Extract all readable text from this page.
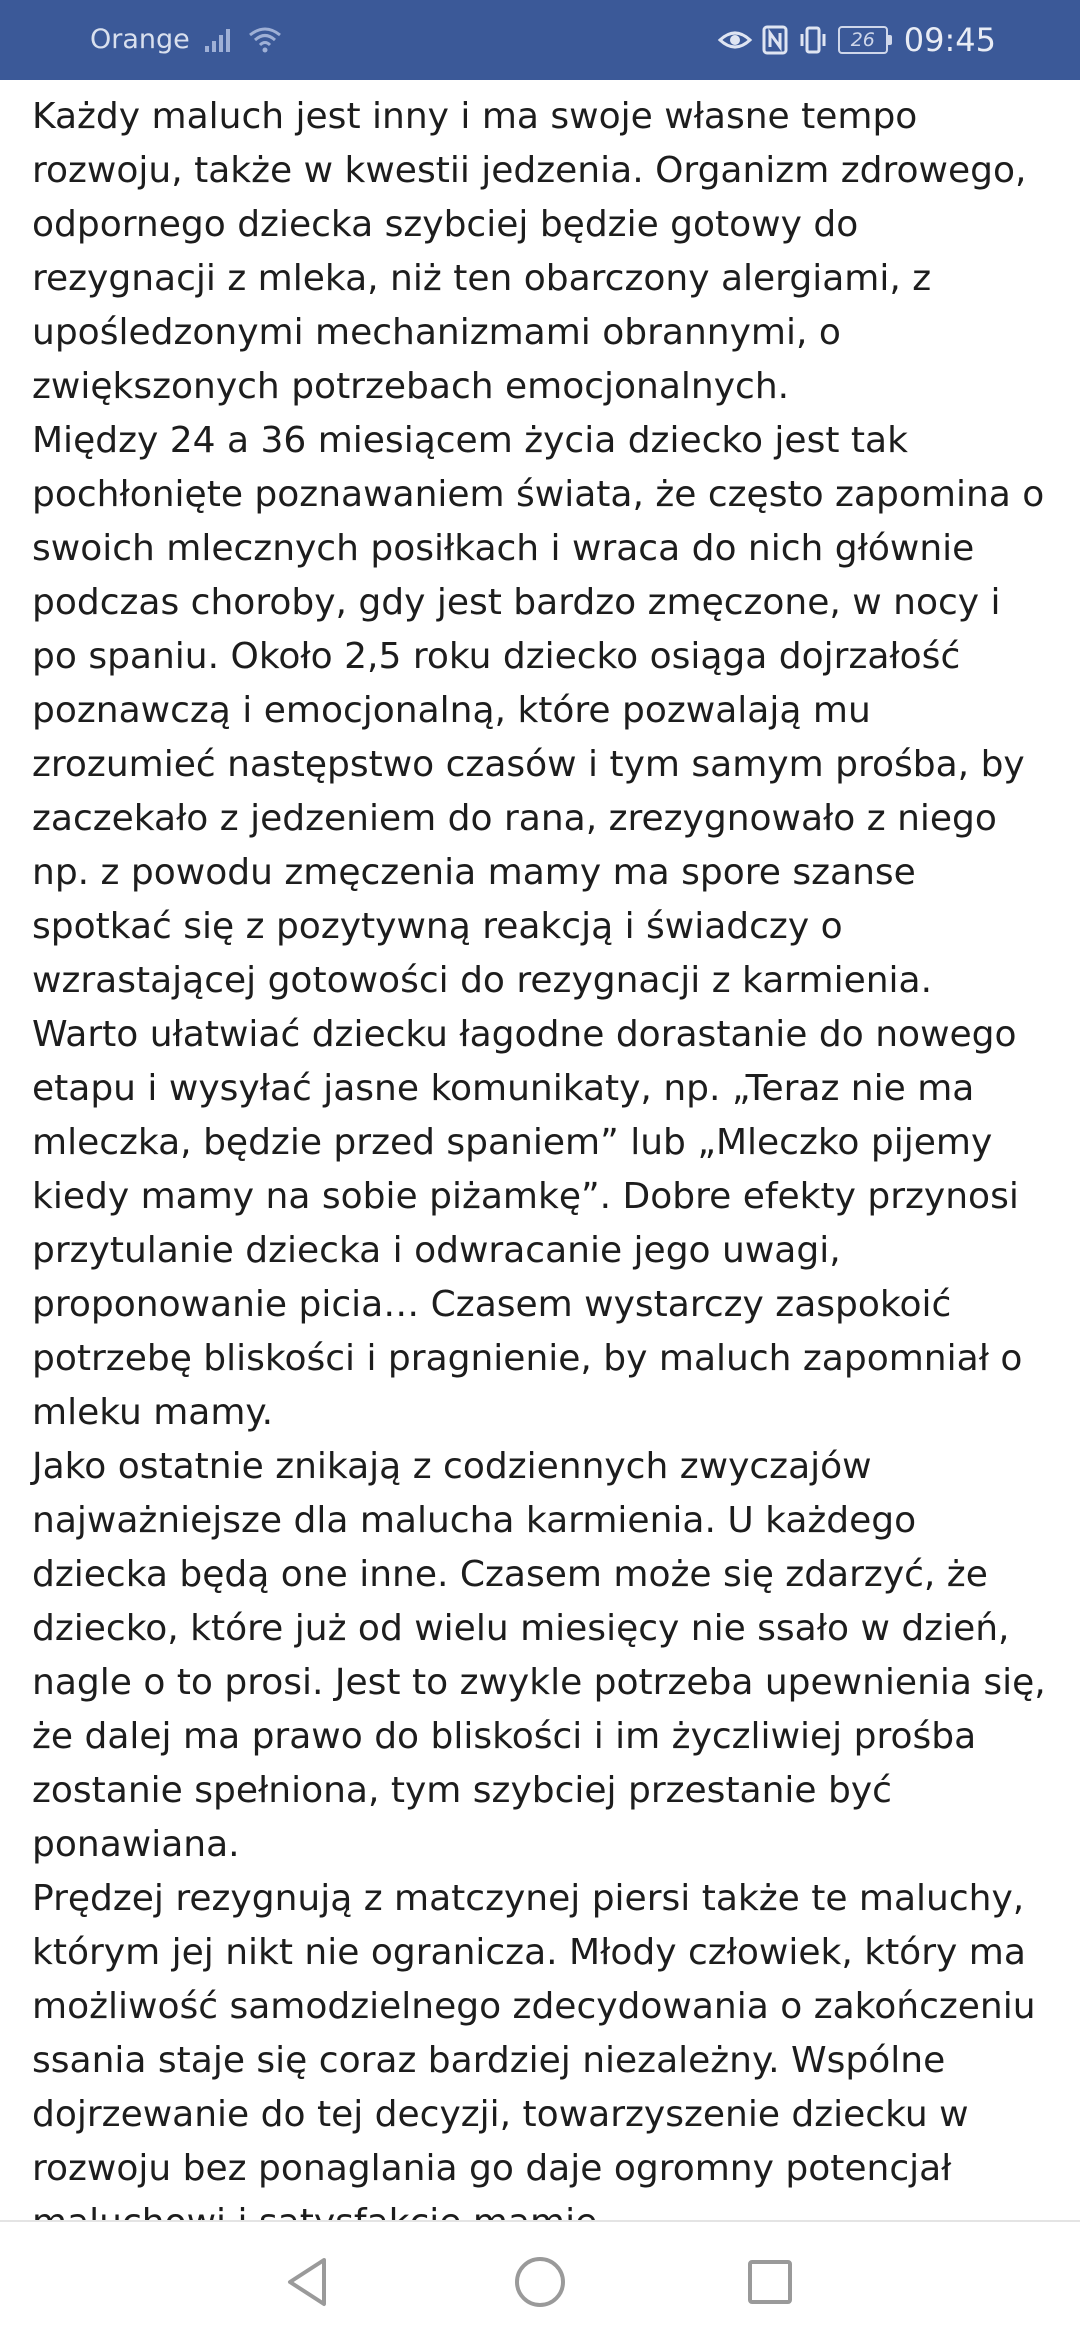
Orange	26 09:45

Każdy maluch jest inny i ma swoje własne tempo rozwoju, także w kwestii jedzenia. Organizm zdrowego, odpornego dziecka szybciej będzie gotowy do rezygnacji z mleka, niż ten obarczony alergiami, z upośledzonymi mechanizmami obrannymi, o zwiększonych potrzebach emocjonalnych.

Między 24 a 36 miesiącem życia dziecko jest tak pochłonięte poznawaniem świata, że często zapomina o swoich mlecznych posiłkach i wraca do nich głównie podczas choroby, gdy jest bardzo zmęczone, w nocy i po spaniu. Około 2,5 roku dziecko osiąga dojrzałość poznawczą i emocjonalną, które pozwalają mu zrozumieć następstwo czasów i tym samym prośba, by zaczekało z jedzeniem do rana, zrezygnowało z niego np. z powodu zmęczenia mamy ma spore szanse spotkać się z pozytywną reakcją i świadczy o wzrastającej gotowości do rezygnacji z karmienia.

Warto ułatwiać dziecku łagodne dorastanie do nowego etapu i wysyłać jasne komunikaty, np. „Teraz nie ma mleczka, będzie przed spaniem” lub „Mleczko pijemy kiedy mamy na sobie piżamkę”. Dobre efekty przynosi przytulanie dziecka i odwracanie jego uwagi, proponowanie picia… Czasem wystarczy zaspokoić potrzebę bliskości i pragnienie, by maluch zapomniał o mleku mamy.

Jako ostatnie znikają z codziennych zwyczajów najważniejsze dla malucha karmienia. U każdego dziecka będą one inne. Czasem może się zdarzyć, że dziecko, które już od wielu miesięcy nie ssało w dzień, nagle o to prosi. Jest to zwykle potrzeba upewnienia się, że dalej ma prawo do bliskości i im życzliwiej prośba zostanie spełniona, tym szybciej przestanie być ponawiana.

Prędzej rezygnują z matczynej piersi także te maluchy, którym jej nikt nie ogranicza. Młody człowiek, który ma możliwość samodzielnego zdecydowania o zakończeniu ssania staje się coraz bardziej niezależny. Wspólne dojrzewanie do tej decyzji, towarzyszenie dziecku w rozwoju bez ponaglania go daje ogromny potencjał
